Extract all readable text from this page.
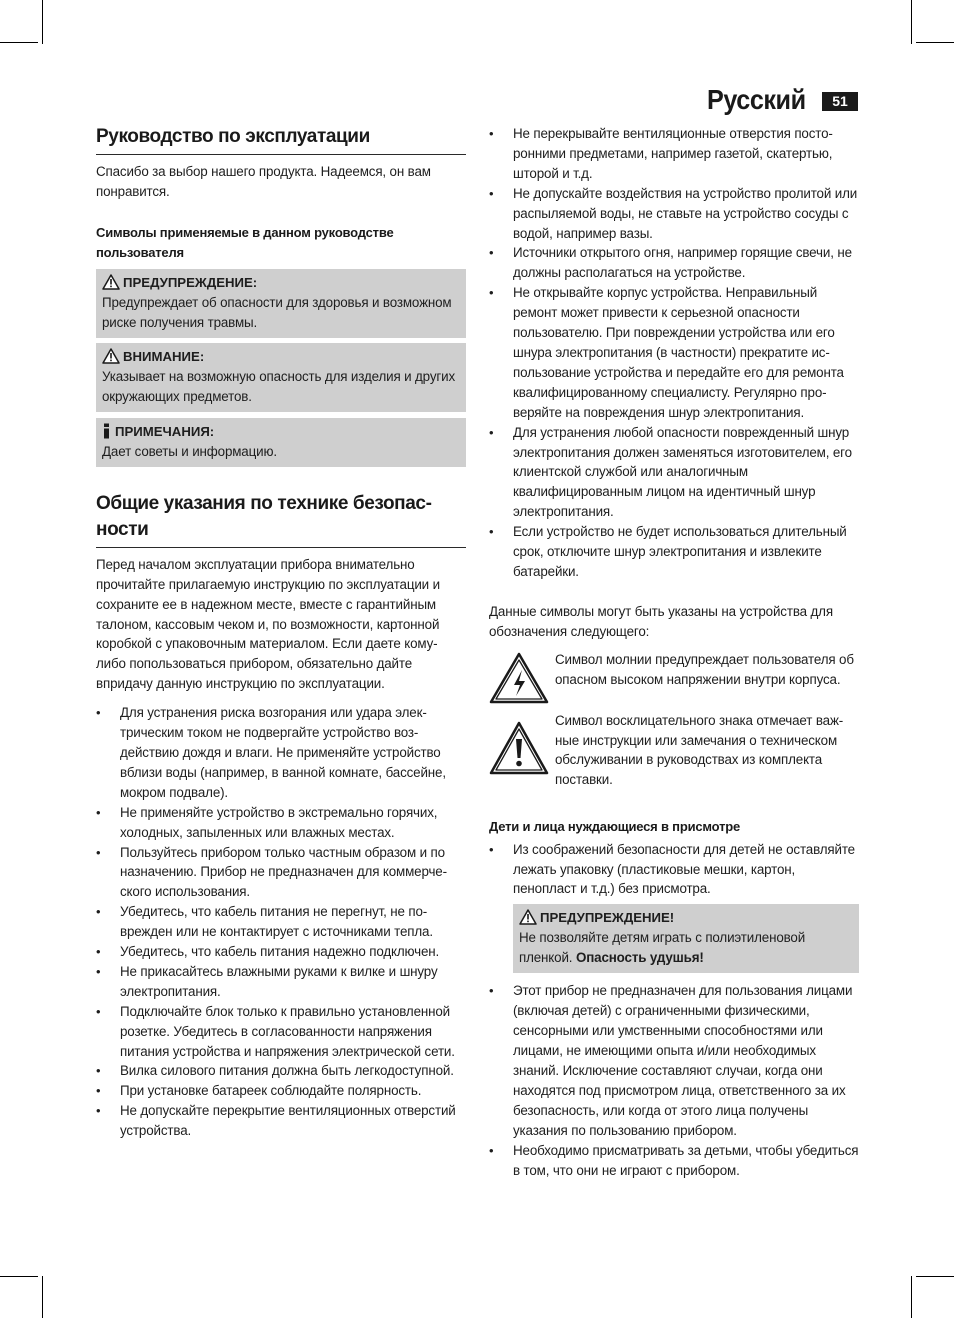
Русский	51
Руководство по эксплуатации
Спасибо за выбор нашего продукта. Надеемся, он вам понравится.
Символы применяемые в данном руководстве пользователя
ПРЕДУПРЕЖДЕНИЕ:
Предупреждает об опасности для здоровья и возможном риске получения травмы.
ВНИМАНИЕ:
Указывает на возможную опасность для изделия и других окружающих предметов.
ПРИМЕЧАНИЯ:
Дает советы и информацию.
Общие указания по технике безопасности
Перед началом эксплуатации прибора внимательно прочитайте прилагаемую инструкцию по эксплуатации и сохраните ее в надежном месте, вместе с гарантийным талоном, кассовым чеком и, по возможности, картонной коробкой с упаковочным материалом. Если даете кому-либо попользоваться прибором, обязательно дайте впридачу данную инструкцию по эксплуатации.
• Для устранения риска возгорания или удара электрическим током не подвергайте устройство воздействию дождя и влаги. Не применяйте устройство вблизи воды (например, в ванной комнате, бассейне, мокром подвале).
• Не применяйте устройство в экстремально горячих, холодных, запыленных или влажных местах.
• Пользуйтесь прибором только частным образом и по назначению. Прибор не предназначен для коммерческого использования.
• Убедитесь, что кабель питания не перегнут, не поврежден или не контактирует с источниками тепла.
• Убедитесь, что кабель питания надежно подключен.
• Не прикасайтесь влажными руками к вилке и шнуру электропитания.
• Подключайте блок только к правильно установленной розетке. Убедитесь в согласованности напряжения питания устройства и напряжения электрической сети.
• Вилка силового питания должна быть легкодоступной.
• При установке батареек соблюдайте полярность.
• Не допускайте перекрытие вентиляционных отверстий устройства.
• Не перекрывайте вентиляционные отверстия посторонними предметами, например газетой, скатертью, шторой и т.д.
• Не допускайте воздействия на устройство пролитой или распыляемой воды, не ставьте на устройство сосуды с водой, например вазы.
• Источники открытого огня, например горящие свечи, не должны располагаться на устройстве.
• Не открывайте корпус устройства. Неправильный ремонт может привести к серьезной опасности пользователю. При повреждении устройства или его шнура электропитания (в частности) прекратите использование устройства и передайте его для ремонта квалифицированному специалисту. Регулярно проверяйте на повреждения шнур электропитания.
• Для устранения любой опасности поврежденный шнур электропитания должен заменяться изготовителем, его клиентской службой или аналогичным квалифицированным лицом на идентичный шнур электропитания.
• Если устройство не будет использоваться длительный срок, отключите шнур электропитания и извлеките батарейки.
Данные символы могут быть указаны на устройства для обозначения следующего:
Символ молнии предупреждает пользователя об опасном высоком напряжении внутри корпуса.
Символ восклицательного знака отмечает важные инструкции или замечания о техническом обслуживании в руководствах из комплекта поставки.
Дети и лица нуждающиеся в присмотре
• Из соображений безопасности для детей не оставляйте лежать упаковку (пластиковые мешки, картон, пенопласт и т.д.) без присмотра.
ПРЕДУПРЕЖДЕНИЕ!
Не позволяйте детям играть с полиэтиленовой пленкой. Опасность удушья!
• Этот прибор не предназначен для пользования лицами (включая детей) с ограниченными физическими, сенсорными или умственными способностями или лицами, не имеющими опыта и/или необходимых знаний. Исключение составляют случаи, когда они находятся под присмотром лица, ответственного за их безопасность, или когда от этого лица получены указания по пользованию прибором.
• Необходимо присматривать за детьми, чтобы убедиться в том, что они не играют с прибором.
